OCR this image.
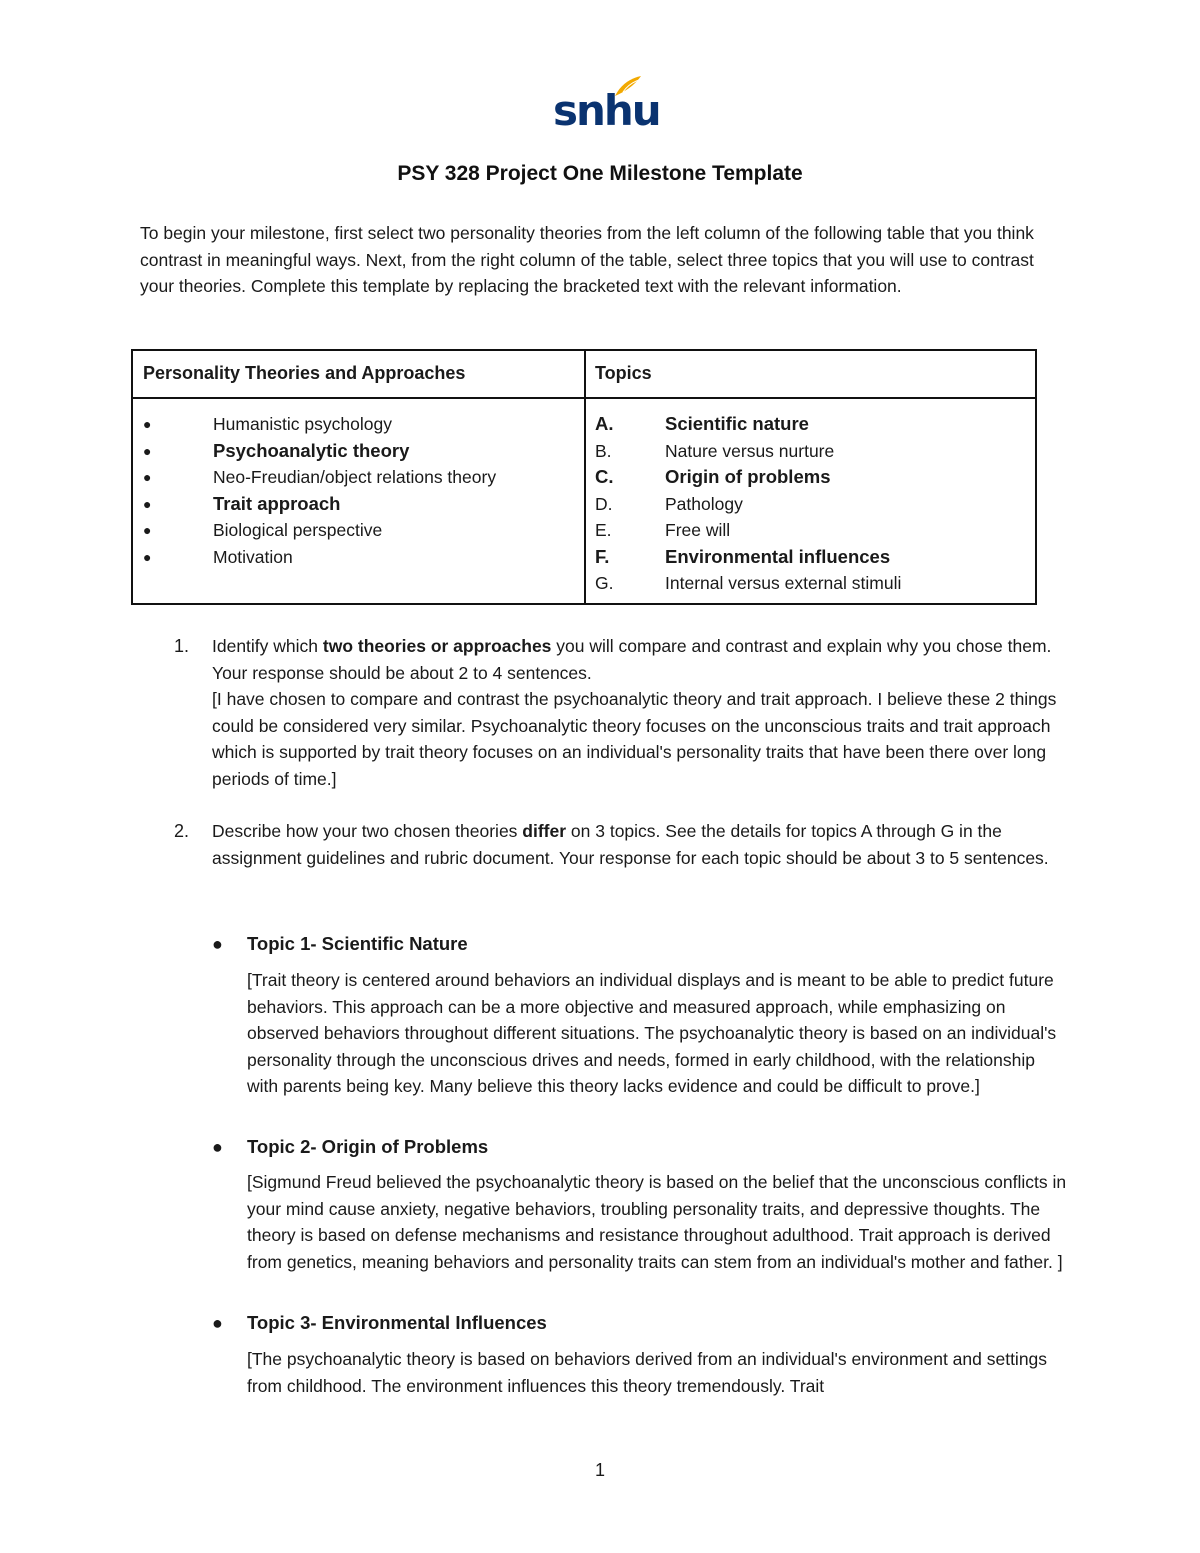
snhu
PSY 328 Project One Milestone Template
To begin your milestone, first select two personality theories from the left column of the following table that you think contrast in meaningful ways. Next, from the right column of the table, select three topics that you will use to contrast your theories. Complete this template by replacing the bracketed text with the relevant information.
Personality Theories and Approaches	Topics
●	Humanistic psychology
●	Psychoanalytic theory
●	Neo-Freudian/object relations theory
●	Trait approach
●	Biological perspective
●	Motivation
A.	Scientific nature
B.	Nature versus nurture
C.	Origin of problems
D.	Pathology
E.	Free will
F.	Environmental influences
G.	Internal versus external stimuli
1. Identify which two theories or approaches you will compare and contrast and explain why you chose them. Your response should be about 2 to 4 sentences.
[I have chosen to compare and contrast the psychoanalytic theory and trait approach. I believe these 2 things could be considered very similar. Psychoanalytic theory focuses on the unconscious traits and trait approach which is supported by trait theory focuses on an individual's personality traits that have been there over long periods of time.]
2. Describe how your two chosen theories differ on 3 topics. See the details for topics A through G in the assignment guidelines and rubric document. Your response for each topic should be about 3 to 5 sentences.
● Topic 1- Scientific Nature
[Trait theory is centered around behaviors an individual displays and is meant to be able to predict future behaviors. This approach can be a more objective and measured approach, while emphasizing on observed behaviors throughout different situations. The psychoanalytic theory is based on an individual's personality through the unconscious drives and needs, formed in early childhood, with the relationship with parents being key. Many believe this theory lacks evidence and could be difficult to prove.]
● Topic 2- Origin of Problems
[Sigmund Freud believed the psychoanalytic theory is based on the belief that the unconscious conflicts in your mind cause anxiety, negative behaviors, troubling personality traits, and depressive thoughts. The theory is based on defense mechanisms and resistance throughout adulthood. Trait approach is derived from genetics, meaning behaviors and personality traits can stem from an individual's mother and father. ]
● Topic 3- Environmental Influences
[The psychoanalytic theory is based on behaviors derived from an individual's environment and settings from childhood. The environment influences this theory tremendously. Trait
1
